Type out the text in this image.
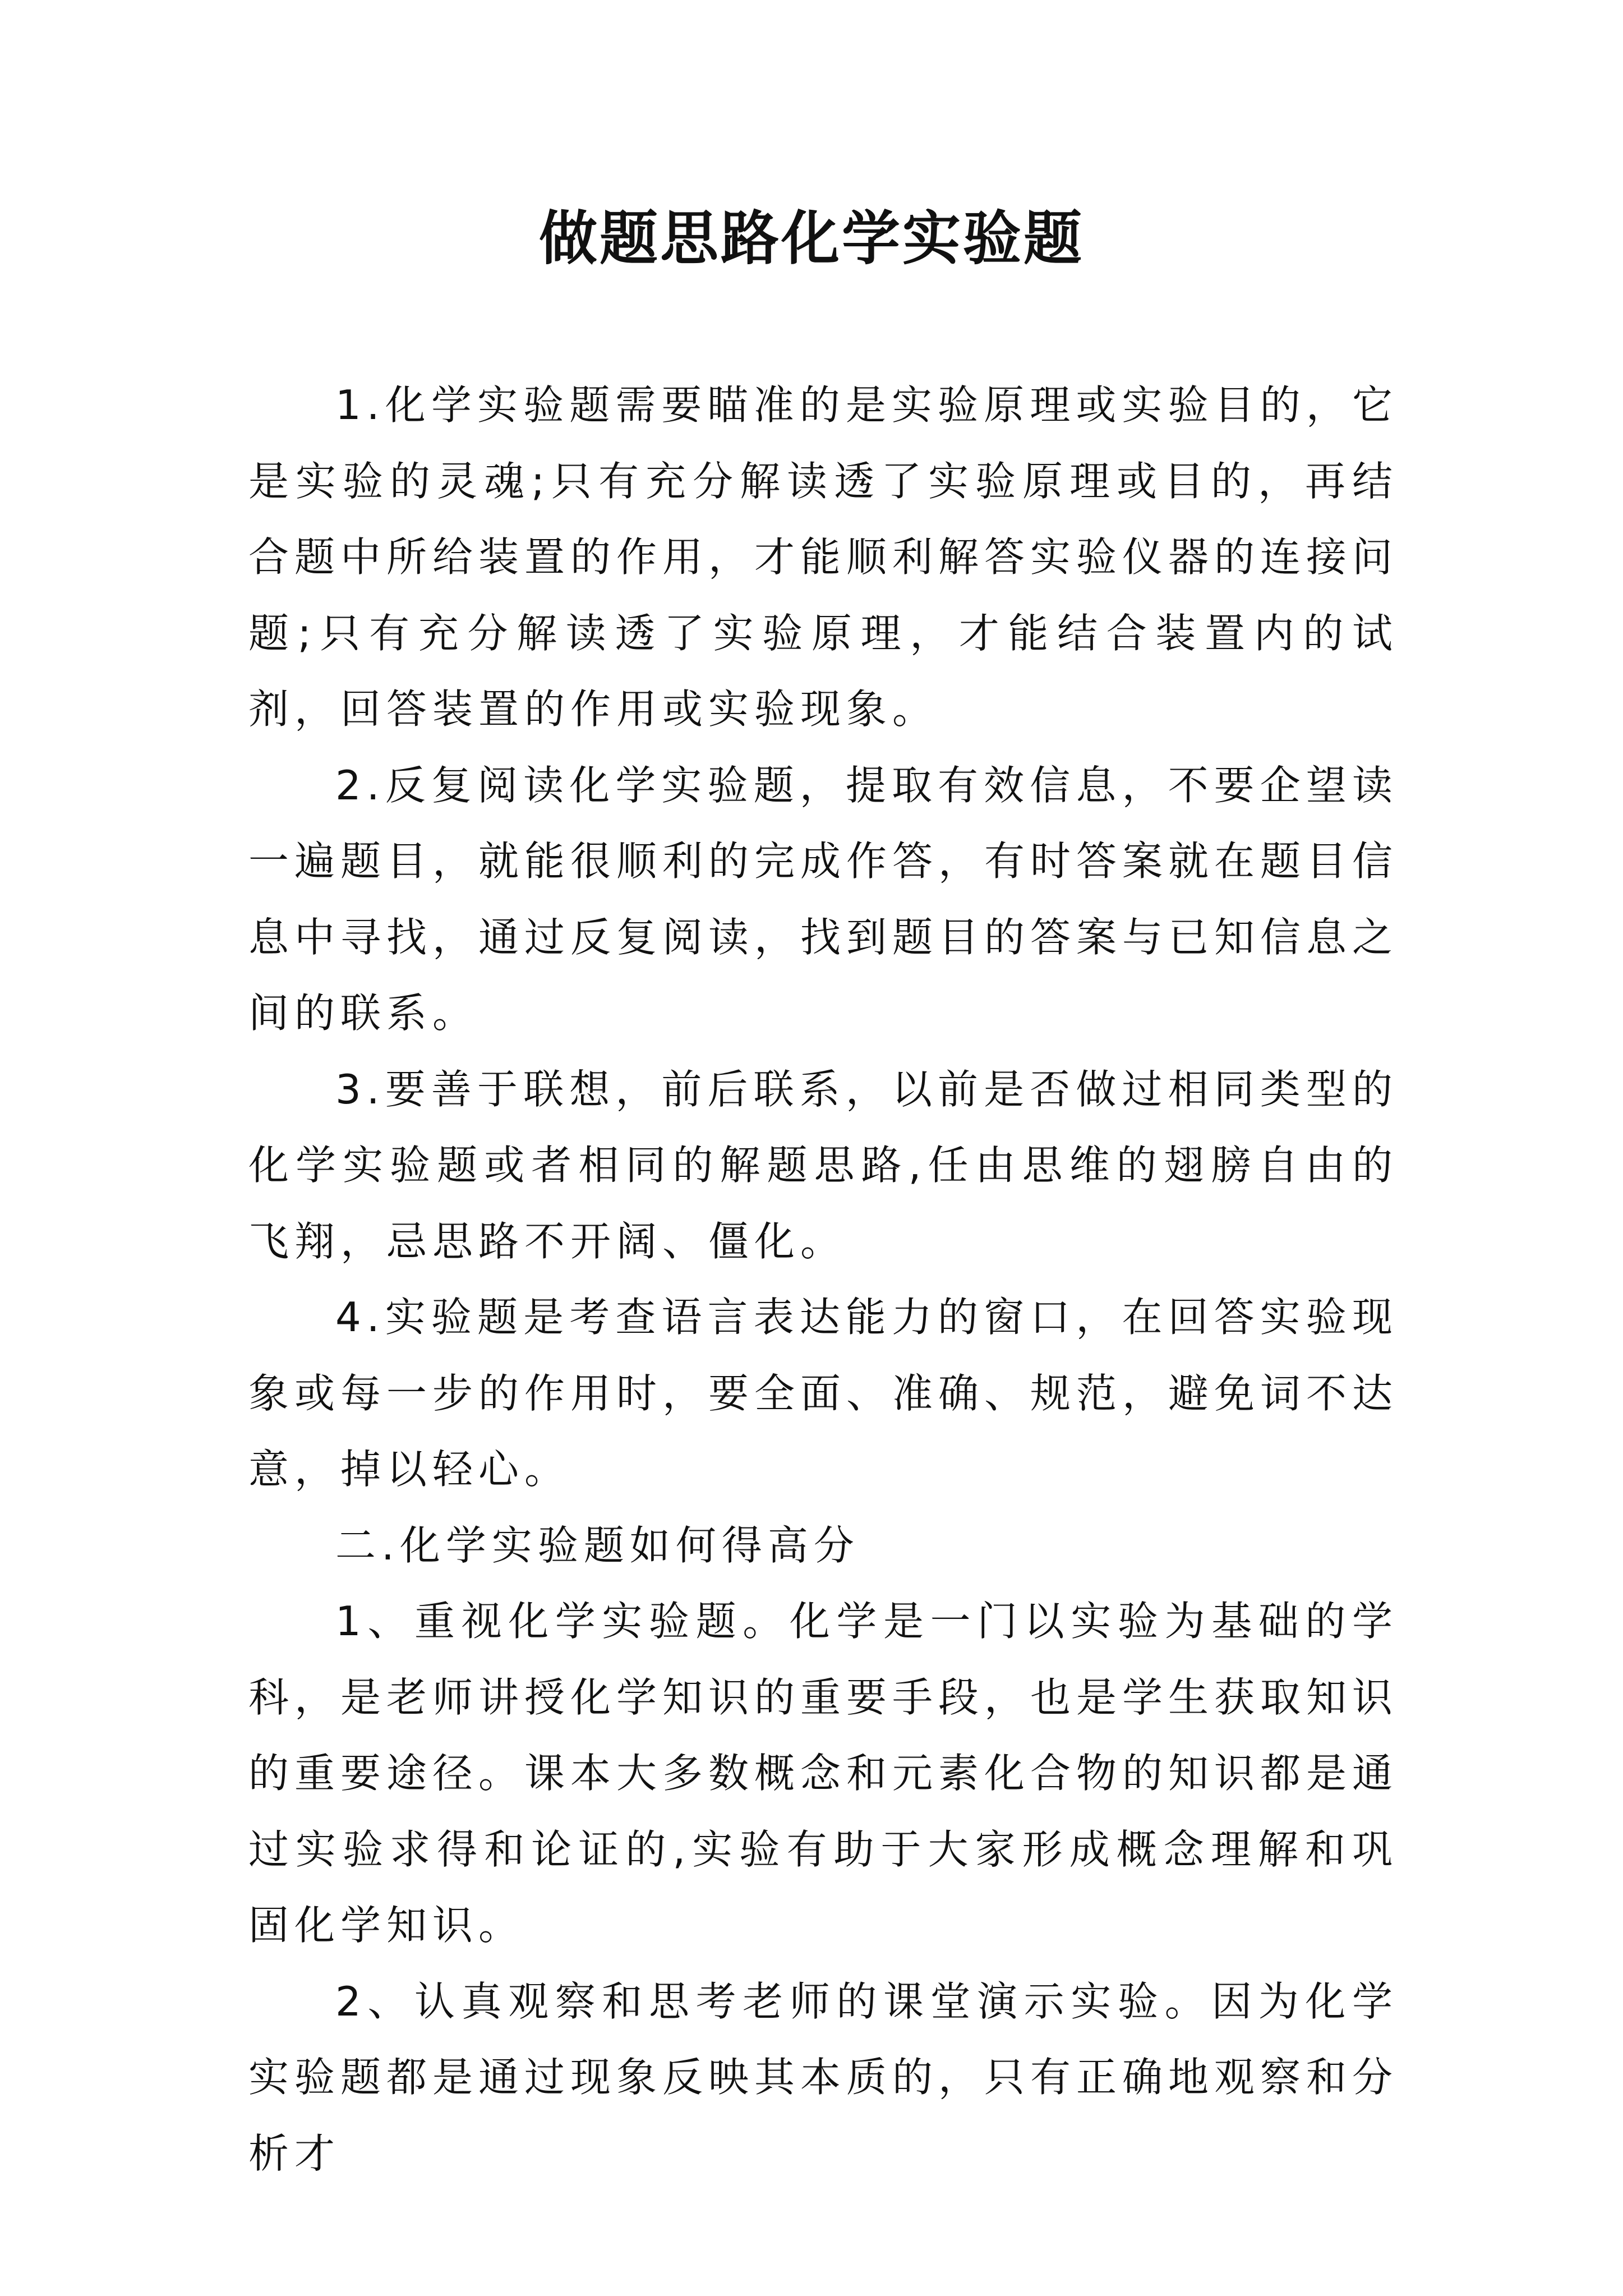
做题思路化学实验题

1.化学实验题需要瞄准的是实验原理或实验目的，它是实验的灵魂;只有充分解读透了实验原理或目的，再结合题中所给装置的作用，才能顺利解答实验仪器的连接问题;只有充分解读透了实验原理，才能结合装置内的试剂，回答装置的作用或实验现象。

2.反复阅读化学实验题，提取有效信息，不要企望读一遍题目，就能很顺利的完成作答，有时答案就在题目信息中寻找，通过反复阅读，找到题目的答案与已知信息之间的联系。

3.要善于联想，前后联系，以前是否做过相同类型的化学实验题或者相同的解题思路,任由思维的翅膀自由的飞翔，忌思路不开阔、僵化。

4.实验题是考查语言表达能力的窗口，在回答实验现象或每一步的作用时，要全面、准确、规范，避免词不达意，掉以轻心。

二.化学实验题如何得高分

1、重视化学实验题。化学是一门以实验为基础的学科，是老师讲授化学知识的重要手段，也是学生获取知识的重要途径。课本大多数概念和元素化合物的知识都是通过实验求得和论证的,实验有助于大家形成概念理解和巩固化学知识。

2、认真观察和思考老师的课堂演示实验。因为化学实验题都是通过现象反映其本质的，只有正确地观察和分析才
